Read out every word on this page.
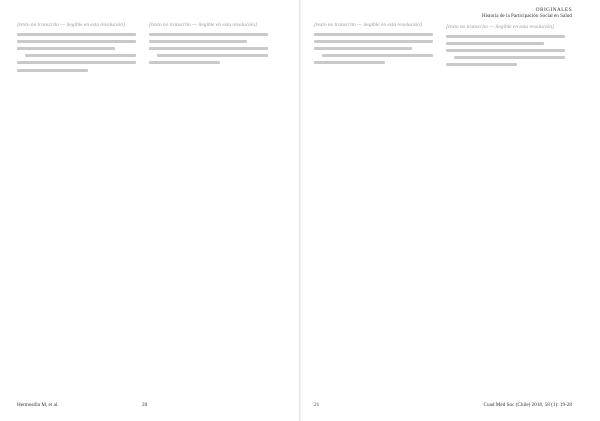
[texto no transcrito — ilegible en esta resolución]	[texto no transcrito — ilegible en esta resolución]
Hermosilla M, et al.	20
ORIGINALES
Historia de la Participación Social en Salud
[texto no transcrito — ilegible en esta resolución]	[texto no transcrito — ilegible en esta resolución]
21	Cuad Méd Soc (Chile) 2018, 58 (1): 19-28
